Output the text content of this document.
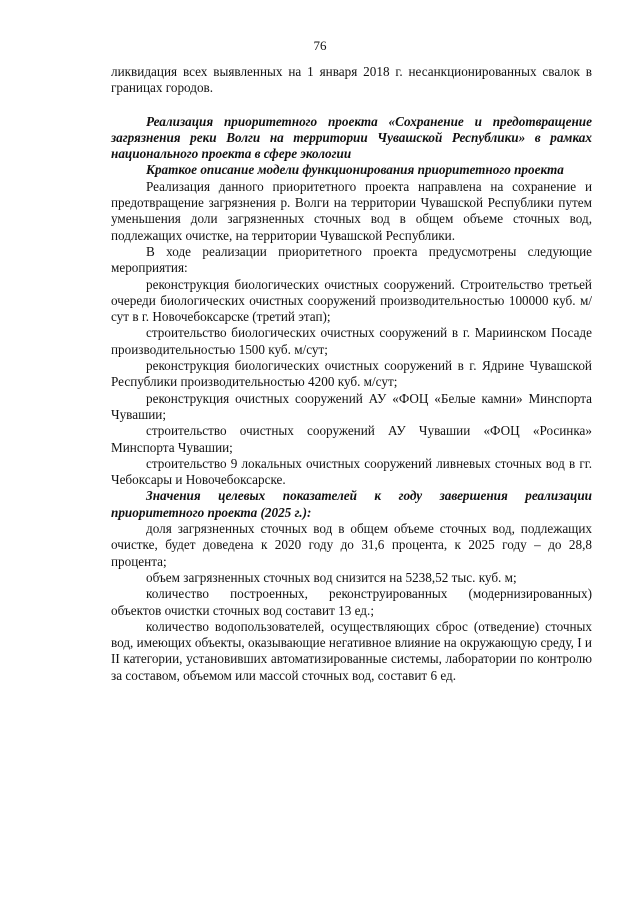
76

ликвидация всех выявленных на 1 января 2018 г. несанкционированных свалок в границах городов.

Реализация приоритетного проекта «Сохранение и предотвращение загрязнения реки Волги на территории Чувашской Республики» в рамках национального проекта в сфере экологии

Краткое описание модели функционирования приоритетного проекта

Реализация данного приоритетного проекта направлена на сохранение и предотвращение загрязнения р. Волги на территории Чувашской Республики путем уменьшения доли загрязненных сточных вод в общем объеме сточных вод, подлежащих очистке, на территории Чувашской Республики.

В ходе реализации приоритетного проекта предусмотрены следующие мероприятия:

реконструкция биологических очистных сооружений. Строительство третьей очереди биологических очистных сооружений производительностью 100000 куб. м/сут в г. Новочебоксарске (третий этап);

строительство биологических очистных сооружений в г. Мариинском Посаде производительностью 1500 куб. м/сут;

реконструкция биологических очистных сооружений в г. Ядрине Чувашской Республики производительностью 4200 куб. м/сут;

реконструкция очистных сооружений АУ «ФОЦ «Белые камни» Минспорта Чувашии;

строительство очистных сооружений АУ Чувашии «ФОЦ «Росинка» Минспорта Чувашии;

строительство 9 локальных очистных сооружений ливневых сточных вод в гг. Чебоксары и Новочебоксарске.

Значения целевых показателей к году завершения реализации приоритетного проекта (2025 г.):

доля загрязненных сточных вод в общем объеме сточных вод, подлежащих очистке, будет доведена к 2020 году до 31,6 процента, к 2025 году – до 28,8 процента;

объем загрязненных сточных вод снизится на 5238,52 тыс. куб. м;

количество построенных, реконструированных (модернизированных) объектов очистки сточных вод составит 13 ед.;

количество водопользователей, осуществляющих сброс (отведение) сточных вод, имеющих объекты, оказывающие негативное влияние на окружающую среду, I и II категории, установивших автоматизированные системы, лаборатории по контролю за составом, объемом или массой сточных вод, составит 6 ед.
